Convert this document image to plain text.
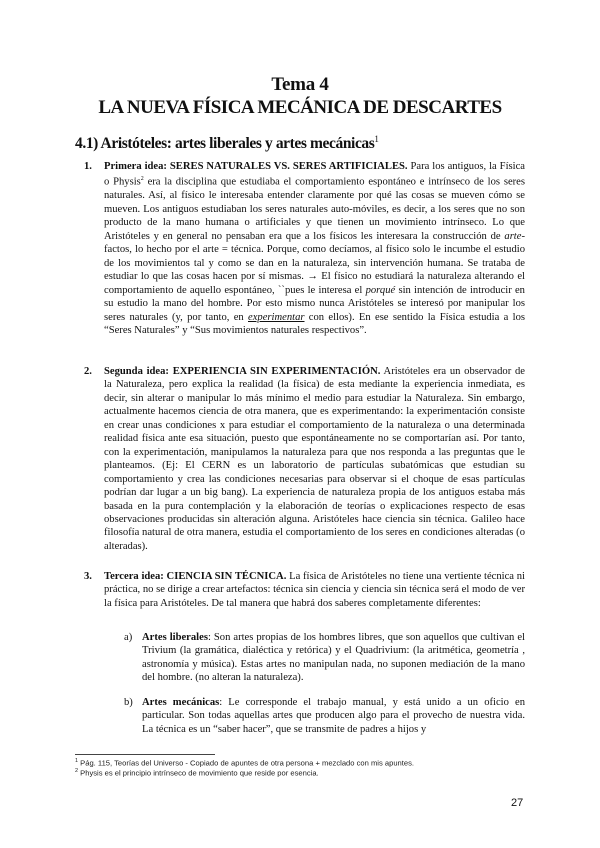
Tema 4
LA NUEVA FÍSICA MECÁNICA DE DESCARTES
4.1) Aristóteles: artes liberales y artes mecánicas$^1$
1. Primera idea: SERES NATURALES VS. SERES ARTIFICIALES. Para los antiguos, la Física o Physis$^2$ era la disciplina que estudiaba el comportamiento espontáneo e intrínseco de los seres naturales. Así, al físico le interesaba entender claramente por qué las cosas se mueven cómo se mueven. Los antiguos estudiaban los seres naturales auto-móviles, es decir, a los seres que no son producto de la mano humana o artificiales y que tienen un movimiento intrínseco. Lo que Aristóteles y en general no pensaban era que a los físicos les interesara la construcción de arte-factos, lo hecho por el arte = técnica. Porque, como decíamos, al físico solo le incumbe el estudio de los movimientos tal y como se dan en la naturaleza, sin intervención humana. Se trataba de estudiar lo que las cosas hacen por sí mismas. → El físico no estudiará la naturaleza alterando el comportamiento de aquello espontáneo, ``pues le interesa el porqué sin intención de introducir en su estudio la mano del hombre. Por esto mismo nunca Aristóteles se interesó por manipular los seres naturales (y, por tanto, en experimentar con ellos). En ese sentido la Física estudia a los “Seres Naturales” y “Sus movimientos naturales respectivos”.
2. Segunda idea: EXPERIENCIA SIN EXPERIMENTACIÓN. Aristóteles era un observador de la Naturaleza, pero explica la realidad (la física) de esta mediante la experiencia inmediata, es decir, sin alterar o manipular lo más mínimo el medio para estudiar la Naturaleza. Sin embargo, actualmente hacemos ciencia de otra manera, que es experimentando: la experimentación consiste en crear unas condiciones x para estudiar el comportamiento de la naturaleza o una determinada realidad física ante esa situación, puesto que espontáneamente no se comportarían así. Por tanto, con la experimentación, manipulamos la naturaleza para que nos responda a las preguntas que le planteamos. (Ej: El CERN es un laboratorio de partículas subatómicas que estudian su comportamiento y crea las condiciones necesarias para observar si el choque de esas partículas podrían dar lugar a un big bang). La experiencia de naturaleza propia de los antiguos estaba más basada en la pura contemplación y la elaboración de teorías o explicaciones respecto de esas observaciones producidas sin alteración alguna. Aristóteles hace ciencia sin técnica. Galileo hace filosofía natural de otra manera, estudia el comportamiento de los seres en condiciones alteradas (o alteradas).
3. Tercera idea: CIENCIA SIN TÉCNICA. La física de Aristóteles no tiene una vertiente técnica ni práctica, no se dirige a crear artefactos: técnica sin ciencia y ciencia sin técnica será el modo de ver la física para Aristóteles. De tal manera que habrá dos saberes completamente diferentes:
a) Artes liberales: Son artes propias de los hombres libres, que son aquellos que cultivan el Trivium (la gramática, dialéctica y retórica) y el Quadrivium: (la aritmética, geometría , astronomía y música). Estas artes no manipulan nada, no suponen mediación de la mano del hombre. (no alteran la naturaleza).
b) Artes mecánicas: Le corresponde el trabajo manual, y está unido a un oficio en particular. Son todas aquellas artes que producen algo para el provecho de nuestra vida. La técnica es un “saber hacer”, que se transmite de padres a hijos y
$^1$ Pág. 115, Teorías del Universo - Copiado de apuntes de otra persona + mezclado con mis apuntes.
$^2$ Physis es el principio intrínseco de movimiento que reside por esencia.
27
